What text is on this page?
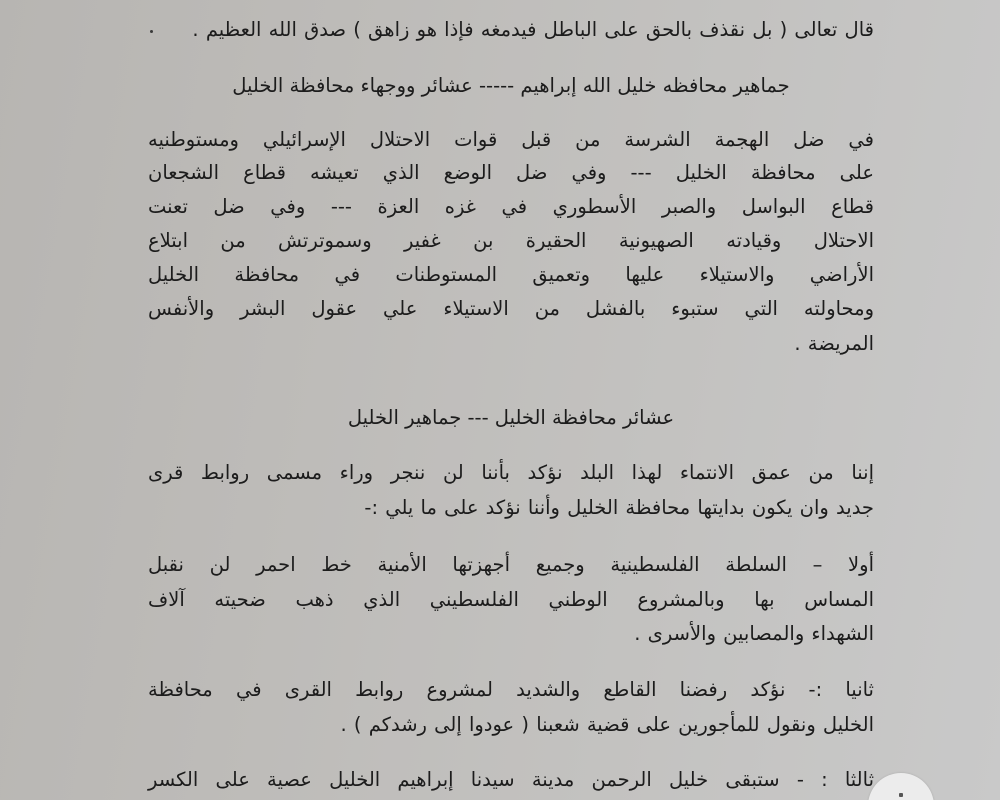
قال تعالى ( بل نقذف بالحق على الباطل فيدمغه فإذا هو زاهق ) صدق الله العظيم .
جماهير محافظه خليل الله إبراهيم ----- عشائر ووجهاء محافظة الخليل
في ضل الهجمة الشرسة من قبل قوات الاحتلال الإسرائيلي ومستوطنيه
على محافظة الخليل --- وفي ضل الوضع الذي تعيشه قطاع الشجعان
قطاع البواسل والصبر الأسطوري في غزه العزة --- وفي ضل تعنت
الاحتلال وقيادته الصهيونية الحقيرة بن غفير وسموترتش من ابتلاع
الأراضي والاستيلاء عليها وتعميق المستوطنات في محافظة الخليل
ومحاولته التي ستبوء بالفشل من الاستيلاء علي عقول البشر والأنفس
المريضة .
عشائر محافظة الخليل --- جماهير الخليل
إننا من عمق الانتماء لهذا البلد نؤكد بأننا لن ننجر وراء مسمى روابط قرى
جديد وان يكون بدايتها محافظة الخليل وأننا نؤكد على ما يلي :-
أولا – السلطة الفلسطينية وجميع أجهزتها الأمنية خط احمر لن نقبل
المساس بها وبالمشروع الوطني الفلسطيني الذي ذهب ضحيته آلاف
الشهداء والمصابين والأسرى .
ثانيا :- نؤكد رفضنا القاطع والشديد لمشروع روابط القرى في محافظة
الخليل ونقول للمأجورين على قضية شعبنا ( عودوا إلى رشدكم ) .
ثالثا : - ستبقى خليل الرحمن مدينة سيدنا إبراهيم الخليل عصية على الكسر
